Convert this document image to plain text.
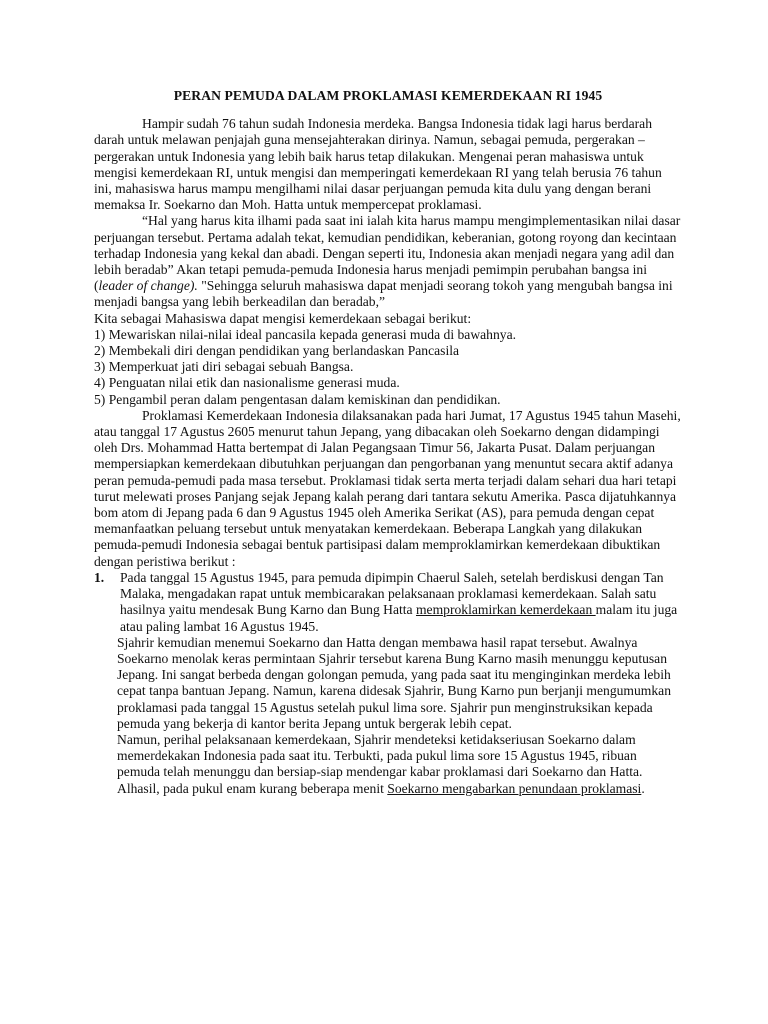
PERAN PEMUDA DALAM PROKLAMASI KEMERDEKAAN RI 1945

Hampir sudah 76 tahun sudah Indonesia merdeka. Bangsa Indonesia tidak lagi harus berdarah darah untuk melawan penjajah guna mensejahterakan dirinya. Namun, sebagai pemuda, pergerakan – pergerakan untuk Indonesia yang lebih baik harus tetap dilakukan. Mengenai peran mahasiswa untuk mengisi kemerdekaan RI, untuk mengisi dan memperingati kemerdekaan RI yang telah berusia 76 tahun ini, mahasiswa harus mampu mengilhami nilai dasar perjuangan pemuda kita dulu yang dengan berani memaksa Ir. Soekarno dan Moh. Hatta untuk mempercepat proklamasi.

“Hal yang harus kita ilhami pada saat ini ialah kita harus mampu mengimplementasikan nilai dasar perjuangan tersebut. Pertama adalah tekat, kemudian pendidikan, keberanian, gotong royong dan kecintaan terhadap Indonesia yang kekal dan abadi. Dengan seperti itu, Indonesia akan menjadi negara yang adil dan lebih beradab” Akan tetapi pemuda-pemuda Indonesia harus menjadi pemimpin perubahan bangsa ini (leader of change). "Sehingga seluruh mahasiswa dapat menjadi seorang tokoh yang mengubah bangsa ini menjadi bangsa yang lebih berkeadilan dan beradab,”

Kita sebagai Mahasiswa dapat mengisi kemerdekaan sebagai berikut:

1) Mewariskan nilai-nilai ideal pancasila kepada generasi muda di bawahnya.
2) Membekali diri dengan pendidikan yang berlandaskan Pancasila
3) Memperkuat jati diri sebagai sebuah Bangsa.
4) Penguatan nilai etik dan nasionalisme generasi muda.
5) Pengambil peran dalam pengentasan dalam kemiskinan dan pendidikan.

Proklamasi Kemerdekaan Indonesia dilaksanakan pada hari Jumat, 17 Agustus 1945 tahun Masehi, atau tanggal 17 Agustus 2605 menurut tahun Jepang, yang dibacakan oleh Soekarno dengan didampingi oleh Drs. Mohammad Hatta bertempat di Jalan Pegangsaan Timur 56, Jakarta Pusat. Dalam perjuangan mempersiapkan kemerdekaan dibutuhkan perjuangan dan pengorbanan yang menuntut secara aktif adanya peran pemuda-pemudi pada masa tersebut. Proklamasi tidak serta merta terjadi dalam sehari dua hari tetapi turut melewati proses Panjang sejak Jepang kalah perang dari tantara sekutu Amerika. Pasca dijatuhkannya bom atom di Jepang pada 6 dan 9 Agustus 1945 oleh Amerika Serikat (AS), para pemuda dengan cepat memanfaatkan peluang tersebut untuk menyatakan kemerdekaan. Beberapa Langkah yang dilakukan pemuda-pemudi Indonesia sebagai bentuk partisipasi dalam memproklamirkan kemerdekaan dibuktikan dengan peristiwa berikut :

1. Pada tanggal 15 Agustus 1945, para pemuda dipimpin Chaerul Saleh, setelah berdiskusi dengan Tan Malaka, mengadakan rapat untuk membicarakan pelaksanaan proklamasi kemerdekaan. Salah satu hasilnya yaitu mendesak Bung Karno dan Bung Hatta memproklamirkan kemerdekaan malam itu juga atau paling lambat 16 Agustus 1945.

Sjahrir kemudian menemui Soekarno dan Hatta dengan membawa hasil rapat tersebut. Awalnya Soekarno menolak keras permintaan Sjahrir tersebut karena Bung Karno masih menunggu keputusan Jepang. Ini sangat berbeda dengan golongan pemuda, yang pada saat itu menginginkan merdeka lebih cepat tanpa bantuan Jepang. Namun, karena didesak Sjahrir, Bung Karno pun berjanji mengumumkan proklamasi pada tanggal 15 Agustus setelah pukul lima sore. Sjahrir pun menginstruksikan kepada pemuda yang bekerja di kantor berita Jepang untuk bergerak lebih cepat.

Namun, perihal pelaksanaan kemerdekaan, Sjahrir mendeteksi ketidakseriusan Soekarno dalam memerdekakan Indonesia pada saat itu. Terbukti, pada pukul lima sore 15 Agustus 1945, ribuan pemuda telah menunggu dan bersiap-siap mendengar kabar proklamasi dari Soekarno dan Hatta. Alhasil, pada pukul enam kurang beberapa menit Soekarno mengabarkan penundaan proklamasi.
